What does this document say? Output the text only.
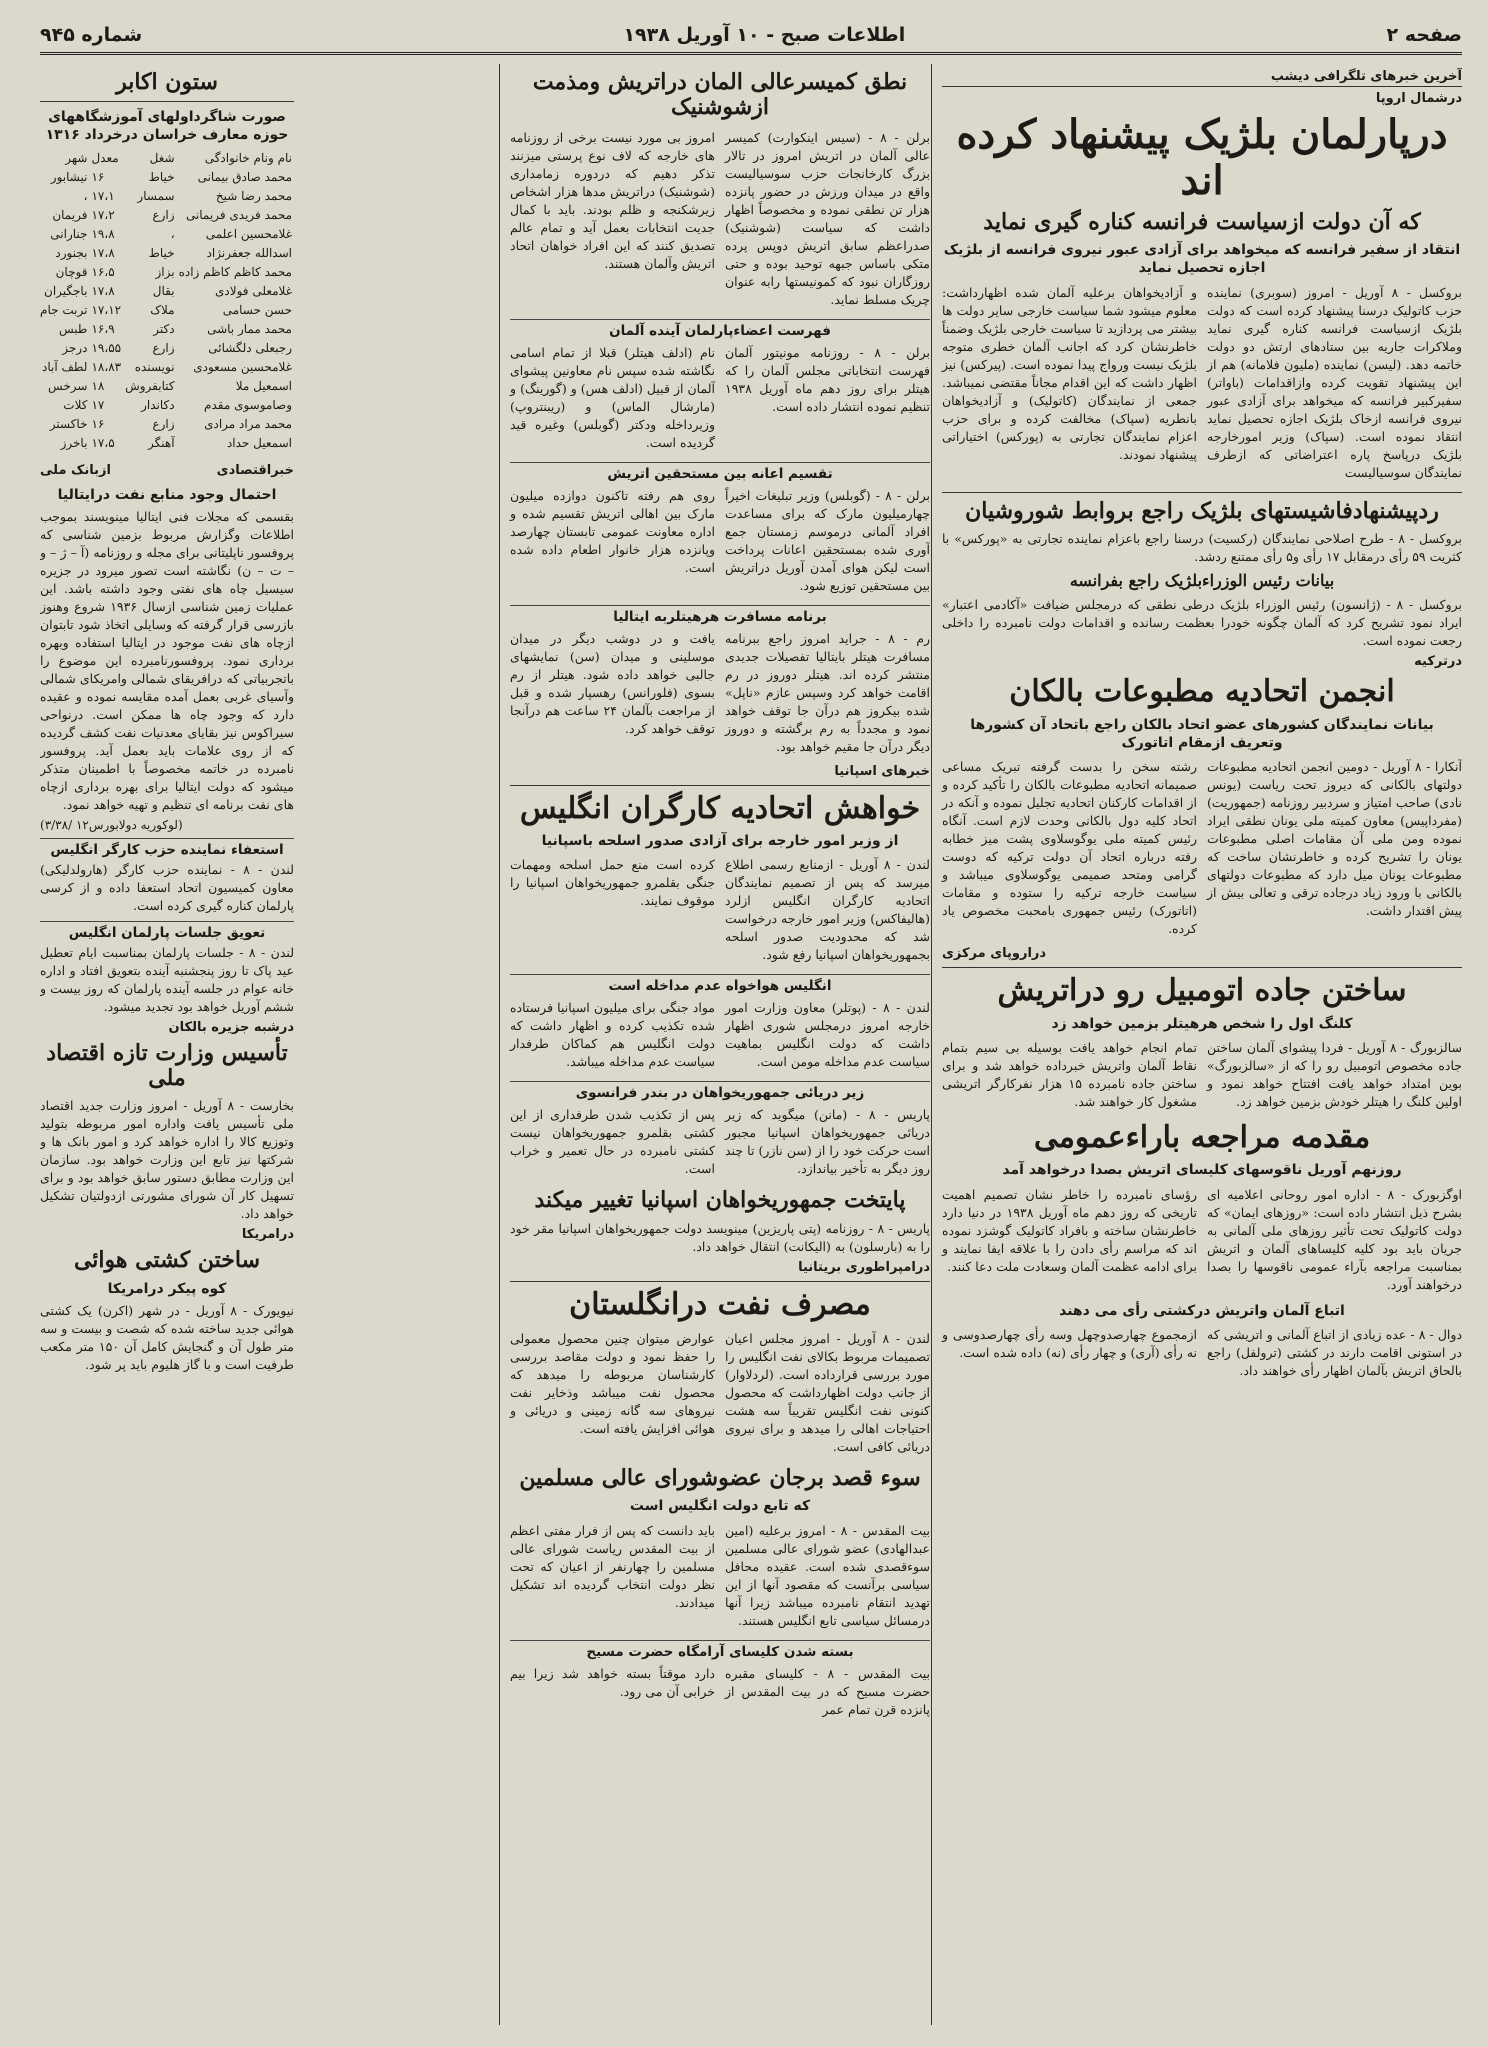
صفحه ۲
اطلاعات صبح - ۱۰ آوریل ۱۹۳۸
شماره ۹۴۵
آخرین خبرهای تلگرافی دیشب
درشمال اروپا
درپارلمان بلژیک پیشنهاد کرده اند
که آن دولت ازسیاست فرانسه کناره گیری نماید
انتقاد از سفیر فرانسه که میخواهد برای آزادی عبور نیروی فرانسه از بلژیک اجازه تحصیل نماید

بروکسل - ۸ آوریل - امروز (سوبری) نماینده حزب کاتولیک درسنا پیشنهاد کرده است که دولت بلژیک ازسیاست فرانسه کناره گیری نماید وملاکرات جاریه بین ستادهای ارتش دو دولت خاتمه دهد. (لیسن) نماینده (ملیون فلامانه) هم از این پیشنهاد تقویت کرده وازاقدامات (باواتر) سفیرکبیر فرانسه که میخواهد برای آزادی عبور نیروی فرانسه ازخاک بلژیک اجازه تحصیل نماید انتقاد نموده است. (سپاک) وزیر امورخارجه بلژیک درپاسخ پاره اعتراضاتی که ازطرف نمایندگان سوسیالیست

و آزادیخواهان برعلیه آلمان شده اظهارداشت: معلوم میشود شما سیاست خارجی سایر دولت ها بیشتر می پردازید تا سیاست خارجی بلژیک وضمناً خاطرنشان کرد که اجانب آلمان خطری متوجه بلژیک نیست ورواج پیدا نموده است. (پیرکس) نیز اظهار داشت که این اقدام مجاناً مقتضی نمیباشد. جمعی از نمایندگان (کاتولیک) و آزادیخواهان بانطریه (سپاک) مخالفت کرده و برای حزب اعزام نمایندگان تجارتی به (پورکس) اختیاراتی پیشنهاد نمودند.

ردپیشنهادفاشیستهای بلژیک راجع بروابط شوروشیان

بروکسل - ۸ - طرح اصلاحی نمایندگان (رکسیت) درسنا راجع باعزام نماینده تجارتی به «پورکس» با کثریت ۵۹ رأی درمقابل ۱۷ رأی و۵ رأی ممتنع ردشد.

بیانات رئیس الوزراءبلژیک راجع بفرانسه

بروکسل - ۸ - (ژانسون) رئیس الوزراء بلژیک درطی نطقی که درمجلس ضیافت «آکادمی اعتبار» ایراد نمود تشریح کرد که آلمان چگونه خودرا بعظمت رسانده و اقدامات دولت نامبرده را داخلی رجعت نموده است.

درترکیه
انجمن اتحادیه مطبوعات بالکان
بیانات نمایندگان کشورهای عضو اتحاد بالکان راجع باتحاد آن کشورها وتعریف ازمقام اتاتورک

آنکارا - ۸ آوریل - دومین انجمن اتحادیه مطبوعات دولتهای بالکانی که دیروز تحت ریاست (یونس نادی) صاحب امتیاز و سردبیر روزنامه (جمهوریت) (مفرداپیس) معاون کمیته ملی یونان نطقی ایراد نموده ومن ملی آن مقامات اصلی مطبوعات یونان را تشریح کرده و خاطرنشان ساخت که مطبوعات یونان میل دارد که مطبوعات دولتهای بالکانی با ورود زیاد درجاده ترقی و تعالی بیش از پیش اقتدار داشت.

رشته سخن را بدست گرفته تبریک مساعی صمیمانه اتحادیه مطبوعات بالکان را تأکید کرده و از اقدامات کارکنان اتحادیه تجلیل نموده و آنکه در اتحاد کلیه دول بالکانی وحدت لازم است. آنگاه رئیس کمیته ملی یوگوسلاوی پشت میز خطابه رفته درباره اتحاد آن دولت ترکیه که دوست گرامی ومتحد صمیمی یوگوسلاوی میباشد و سیاست خارجه ترکیه را ستوده و مقامات (اتاتورک) رئیس جمهوری بامحبت مخصوص یاد کرده.

دراروپای مرکزی
ساختن جاده اتومبیل رو دراتریش
کلنگ اول را شخص هرهیتلر بزمین خواهد زد

سالزبورگ - ۸ آوریل - فردا پیشوای آلمان ساختن جاده مخصوص اتومبیل رو را که از «سالزبورگ» بوین امتداد خواهد یافت افتتاح خواهد نمود و اولین کلنگ را هیتلر خودش بزمین خواهد زد.

تمام انجام خواهد یافت بوسیله بی سیم بتمام نقاط آلمان واتریش خبرداده خواهد شد و برای ساختن جاده نامبرده ۱۵ هزار نفرکارگر اتریشی مشغول کار خواهند شد.

مقدمه مراجعه باراءعمومی
روزنهم آوریل ناقوسهای کلیسای اتریش بصدا درخواهد آمد

اوگزبورک - ۸ - اداره امور روحانی اعلامیه ای بشرح ذیل انتشار داده است: «روزهای ایمان» که دولت کاتولیک تحت تأثیر روزهای ملی آلمانی به جریان باید بود کلیه کلیساهای آلمان و اتریش بمناسبت مراجعه بآراء عمومی ناقوسها را بصدا درخواهند آورد.

رؤسای نامبرده را خاطر نشان تصمیم اهمیت تاریخی که روز دهم ماه آوریل ۱۹۳۸ در دنیا دارد خاطرنشان ساخته و بافراد کاتولیک گوشزد نموده اند که مراسم رأی دادن را با علاقه ایفا نمایند و برای ادامه عظمت آلمان وسعادت ملت دعا کنند.

اتباع آلمان واتریش درکشتی رأی می دهند

دوال - ۸ - عده زیادی از اتباع آلمانی و اتریشی که در استونی اقامت دارند در کشتی (ترولفل) راجع بالحاق اتریش بآلمان اظهار رأی خواهند داد.

ازمجموع چهارصدوچهل وسه رأی چهارصدوسی و نه رأی (آری) و چهار رأی (نه) داده شده است.

نطق کمیسرعالی المان دراتریش ومذمت ازشوشنیک

برلن - ۸ - (سیس اینکوارت) کمیسر عالی آلمان در اتریش امروز در تالار بزرگ کارخانجات حزب سوسیالیست واقع در میدان ورزش در حضور پانزده هزار تن نطقی نموده و مخصوصاً اظهار داشت که سیاست (شوشنیک) صدراعظم سابق اتریش دوپس پرده متکی باساس جبهه توحید بوده و حتی روزگاران نبود که کمونیستها رابه عنوان چریک مسلط نماید.

امروز بی مورد نیست برخی از روزنامه های خارجه که لاف نوع پرستی میزنند تذکر دهیم که دردوره زمامداری (شوشنیک) دراتریش مدها هزار اشخاص زیرشکنجه و ظلم بودند. باید با کمال جدیت انتخابات بعمل آید و تمام عالم تصدیق کنند که این افراد خواهان اتحاد اتریش وآلمان هستند.

فهرست اعضاءپارلمان آینده آلمان

برلن - ۸ - روزنامه مونیتور آلمان فهرست انتخاباتی مجلس آلمان را که هیتلر برای روز دهم ماه آوریل ۱۹۳۸ تنظیم نموده انتشار داده است.

نام (ادلف هیتلر) قبلا از تمام اسامی نگاشته شده سپس نام معاونین پیشوای آلمان از قبیل (ادلف هس) و (گورینگ) و (مارشال الماس) و (ریبنتروپ) وزیرداخله ودکتر (گوبلس) وغیره قید گردیده است.

تقسیم اعانه بین مستحقین اتریش

برلن - ۸ - (گوبلس) وزیر تبلیغات اخیراً چهارمیلیون مارک که برای مساعدت افراد آلمانی درموسم زمستان جمع آوری شده بمستحقین اعانات پرداخت است لیکن هوای آمدن آوریل دراتریش بین مستحقین توزیع شود.

روی هم رفته تاکنون دوازده میلیون مارک بین اهالی اتریش تقسیم شده و اداره معاونت عمومی تابستان چهارصد وپانزده هزار خانوار اطعام داده شده است.

برنامه مسافرت هرهیتلربه ایتالیا

رم - ۸ - جراید امروز راجع ببرنامه مسافرت هیتلر بایتالیا تفصیلات جدیدی منتشر کرده اند. هیتلر دوروز در رم اقامت خواهد کرد وسپس عازم «ناپل» شده بیکروز هم درآن جا توقف خواهد نمود و مجدداً به رم برگشته و دوروز دیگر درآن جا مقیم خواهد بود.

یافت و در دوشب دیگر در میدان موسلینی و میدان (سن) نمایشهای جالبی خواهد داده شود. هیتلر از رم بسوی (فلورانس) رهسپار شده و قبل از مراجعت بآلمان ۲۴ ساعت هم درآنجا توقف خواهد کرد.

خبرهای اسپانیا
خواهش اتحادیه کارگران انگلیس
از وزیر امور خارجه برای آزادی صدور اسلحه باسپانیا

لندن - ۸ آوریل - ازمنابع رسمی اطلاع میرسد که پس از تصمیم نمایندگان اتحادیه کارگران انگلیس ازلرد (هالیفاکس) وزیر امور خارجه درخواست شد که محدودیت صدور اسلحه بجمهوریخواهان اسپانیا رفع شود.

کرده است منع حمل اسلحه ومهمات جنگی بقلمرو جمهوریخواهان اسپانیا را موقوف نمایند.

انگلیس هواخواه عدم مداخله است

لندن - ۸ - (پوتلر) معاون وزارت امور خارجه امروز درمجلس شوری اظهار داشت که دولت انگلیس بماهیت سیاست عدم مداخله مومن است.

مواد جنگی برای میلیون اسپانیا فرستاده شده تکذیب کرده و اظهار داشت که دولت انگلیس هم کماکان طرفدار سیاست عدم مداخله میباشد.

زیر دریائی جمهوریخواهان در بندر فرانسوی

پاریس - ۸ - (مانن) میگوید که زیر دریائی جمهوریخواهان اسپانیا مجبور است حرکت خود را از (سن نازر) تا چند روز دیگر به تأخیر بیاندازد.

پس از تکذیب شدن طرفداری از این کشتی بقلمرو جمهوریخواهان نیست کشتی نامبرده در حال تعمیر و خراب است.

پایتخت جمهوریخواهان اسپانیا تغییر میکند

پاریس - ۸ - روزنامه (پتی پاریزین) مینویسد دولت جمهوریخواهان اسپانیا مقر خود را به (بارسلون) به (الیکانت) انتقال خواهد داد.

درامپراطوری بریتانیا
مصرف نفت درانگلستان

لندن - ۸ آوریل - امروز مجلس اعیان تصمیمات مربوط بکالای نفت انگلیس را مورد بررسی قرارداده است. (لردلاوار) از جانب دولت اظهارداشت که محصول کنونی نفت انگلیس تقریباً سه هشت احتیاجات اهالی را میدهد و برای نیروی دریائی کافی است.

عوارض میتوان چنین محصول معمولی را حفظ نمود و دولت مقاصد بررسی کارشناسان مربوطه را میدهد که محصول نفت میباشد وذخایر نفت نیروهای سه گانه زمینی و دریائی و هوائی افزایش یافته است.

سوء قصد برجان عضوشورای عالی مسلمین
که تابع دولت انگلیس است

بیت المقدس - ۸ - امروز برعلیه (امین عبدالهادی) عضو شورای عالی مسلمین سوءقصدی شده است. عقیده محافل سیاسی برآنست که مقصود آنها از این تهدید انتقام نامبرده میباشد زیرا آنها درمسائل سیاسی تابع انگلیس هستند.

باید دانست که پس از فرار مفتی اعظم از بیت المقدس ریاست شورای عالی مسلمین را چهارنفر از اعیان که تحت نظر دولت انتخاب گردیده اند تشکیل میدادند.

بسته شدن کلیسای آرامگاه حضرت مسیح

بیت المقدس - ۸ - کلیسای مقبره حضرت مسیح که در بیت المقدس از پانزده قرن تمام عمر

دارد موقتاً بسته خواهد شد زیرا بیم خرابی آن می رود.

ستون اکابر
صورت شاگرداولهای آموزشگاههای حوزه معارف خراسان درخرداد ۱۳۱۶
نام ونام خانوادگی	شغل	معدل	شهر
محمد صادق بیمانی	خیاط	۱۶	نیشابور
محمد رضا شیخ	سمسار	۱۷،۱	،
محمد فریدی فریمانی	زارع	۱۷،۲	فریمان
غلامحسین اعلمی	،	۱۹،۸	جنارانی
اسدالله جعفرنژاد	خیاط	۱۷،۸	بجنورد
محمد کاظم کاظم زاده	بزاز	۱۶،۵	قوچان
غلامعلی فولادی	بقال	۱۷،۸	باجگیران
حسن حسامی	ملاک	۱۷،۱۲	تربت جام
محمد ممار باشی	دکتر	۱۶،۹	طبس
رجبعلی دلگشائی	زارع	۱۹،۵۵	درجز
غلامحسین مسعودی	نویسنده	۱۸،۸۳	لطف آباد
اسمعیل ملا	کتابفروش	۱۸	سرخس
وصاموسوی مقدم	دکاندار	۱۷	کلات
محمد مراد مرادی	زارع	۱۶	خاکستر
اسمعیل حداد	آهنگر	۱۷،۵	باخرز
خبراقتصادی
ازبانک ملی
احتمال وجود منابع نفت درایتالیا

بقسمی که مجلات فنی ایتالیا مینویسند بموجب اطلاعات وگزارش مربوط بزمین شناسی که پروفسور ناپلیتانی برای مجله و روزنامه (آ – ژ – و – ت – ن) نگاشته است تصور میرود در جزیره سیسیل چاه های نفتی وجود داشته باشد. این عملیات زمین شناسی ازسال ۱۹۳۶ شروع وهنوز بازرسی قرار گرفته که وسایلی اتخاذ شود تابتوان ازچاه های نفت موجود در ایتالیا استفاده وبهره برداری نمود. پروفسورنامبرده این موضوع را باتجربیاتی که درافریقای شمالی وامریکای شمالی وآسیای غربی بعمل آمده مقایسه نموده و عقیده دارد که وجود چاه ها ممکن است. درنواحی سیراکوس نیز بقایای معدنیات نفت کشف گردیده که از روی علامات باید بعمل آید. پروفسور نامبرده در خاتمه مخصوصاً با اطمینان متذکر میشود که دولت ایتالیا برای بهره برداری ازچاه های نفت برنامه ای تنظیم و تهیه خواهد نمود.

(لوکوریه دولابورس۱۲ /۳/۳۸)
استعفاء نماینده حزب کارگر انگلیس

لندن - ۸ - نماینده حزب کارگر (هارولدلیکی) معاون کمیسیون اتحاد استعفا داده و از کرسی پارلمان کناره گیری کرده است.

تعویق جلسات پارلمان انگلیس

لندن - ۸ - جلسات پارلمان بمناسبت ایام تعطیل عید پاک تا روز پنجشنبه آینده بتعویق افتاد و اداره خانه عوام در جلسه آینده پارلمان که روز بیست و ششم آوریل خواهد بود تجدید میشود.

درشبه جزیره بالکان
تأسیس وزارت تازه اقتصاد ملی

بخارست - ۸ آوریل - امروز وزارت جدید اقتصاد ملی تأسیس یافت واداره امور مربوطه بتولید وتوزیع کالا را اداره خواهد کرد و امور بانک ها و شرکتها نیز تابع این وزارت خواهد بود. سازمان این وزارت مطابق دستور سابق خواهد بود و برای تسهیل کار آن شورای مشورتی ازدولتیان تشکیل خواهد داد.

درامریکا
ساختن کشتی هوائی
کوه پیکر درامریکا

نیویورک - ۸ آوریل - در شهر (اکرن) یک کشتی هوائی جدید ساخته شده که شصت و بیست و سه متر طول آن و گنجایش کامل آن ۱۵۰ متر مکعب طرفیت است و با گاز هلیوم باید پر شود.
